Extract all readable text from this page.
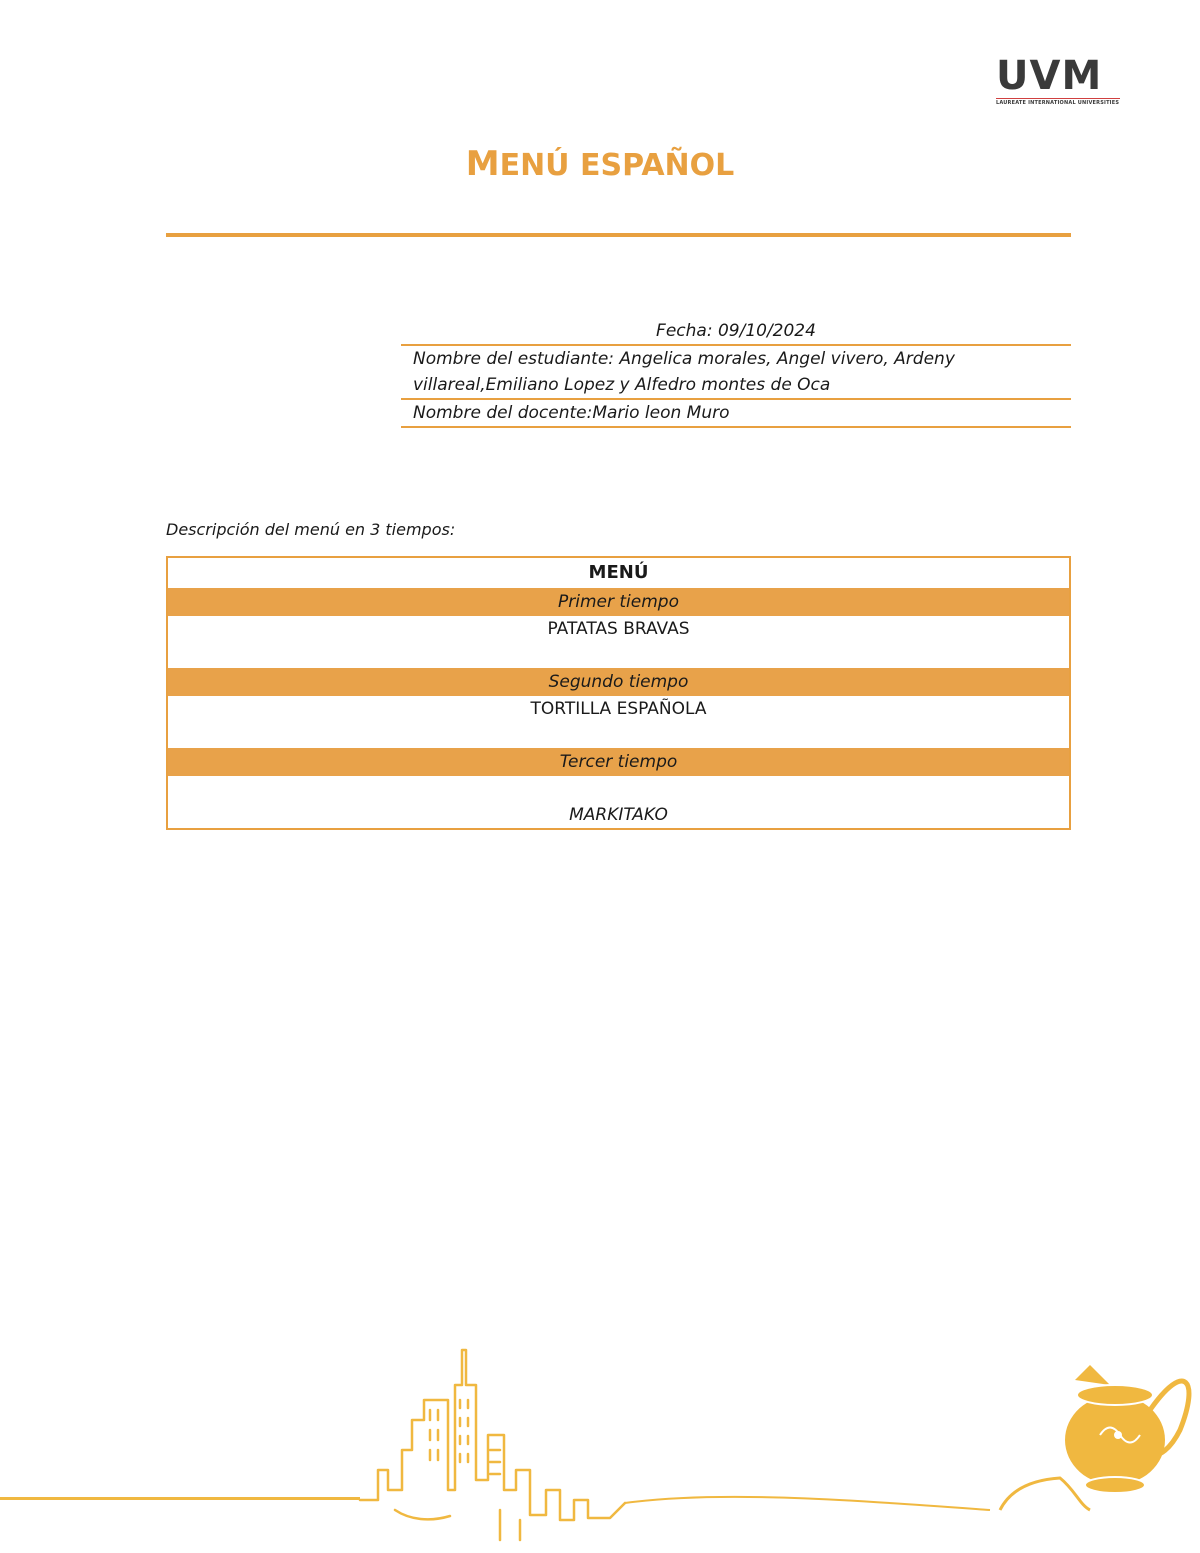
UVM
LAUREATE INTERNATIONAL UNIVERSITIES
MENÚ ESPAÑOL
Fecha: 09/10/2024
Nombre del estudiante: Angelica morales, Angel vivero, Ardeny
villareal,Emiliano Lopez y Alfedro montes de Oca
Nombre del docente:Mario leon Muro
Descripción del menú en 3 tiempos:
MENÚ
Primer tiempo
PATATAS BRAVAS
Segundo tiempo
TORTILLA ESPAÑOLA
Tercer tiempo
MARKITAKO
